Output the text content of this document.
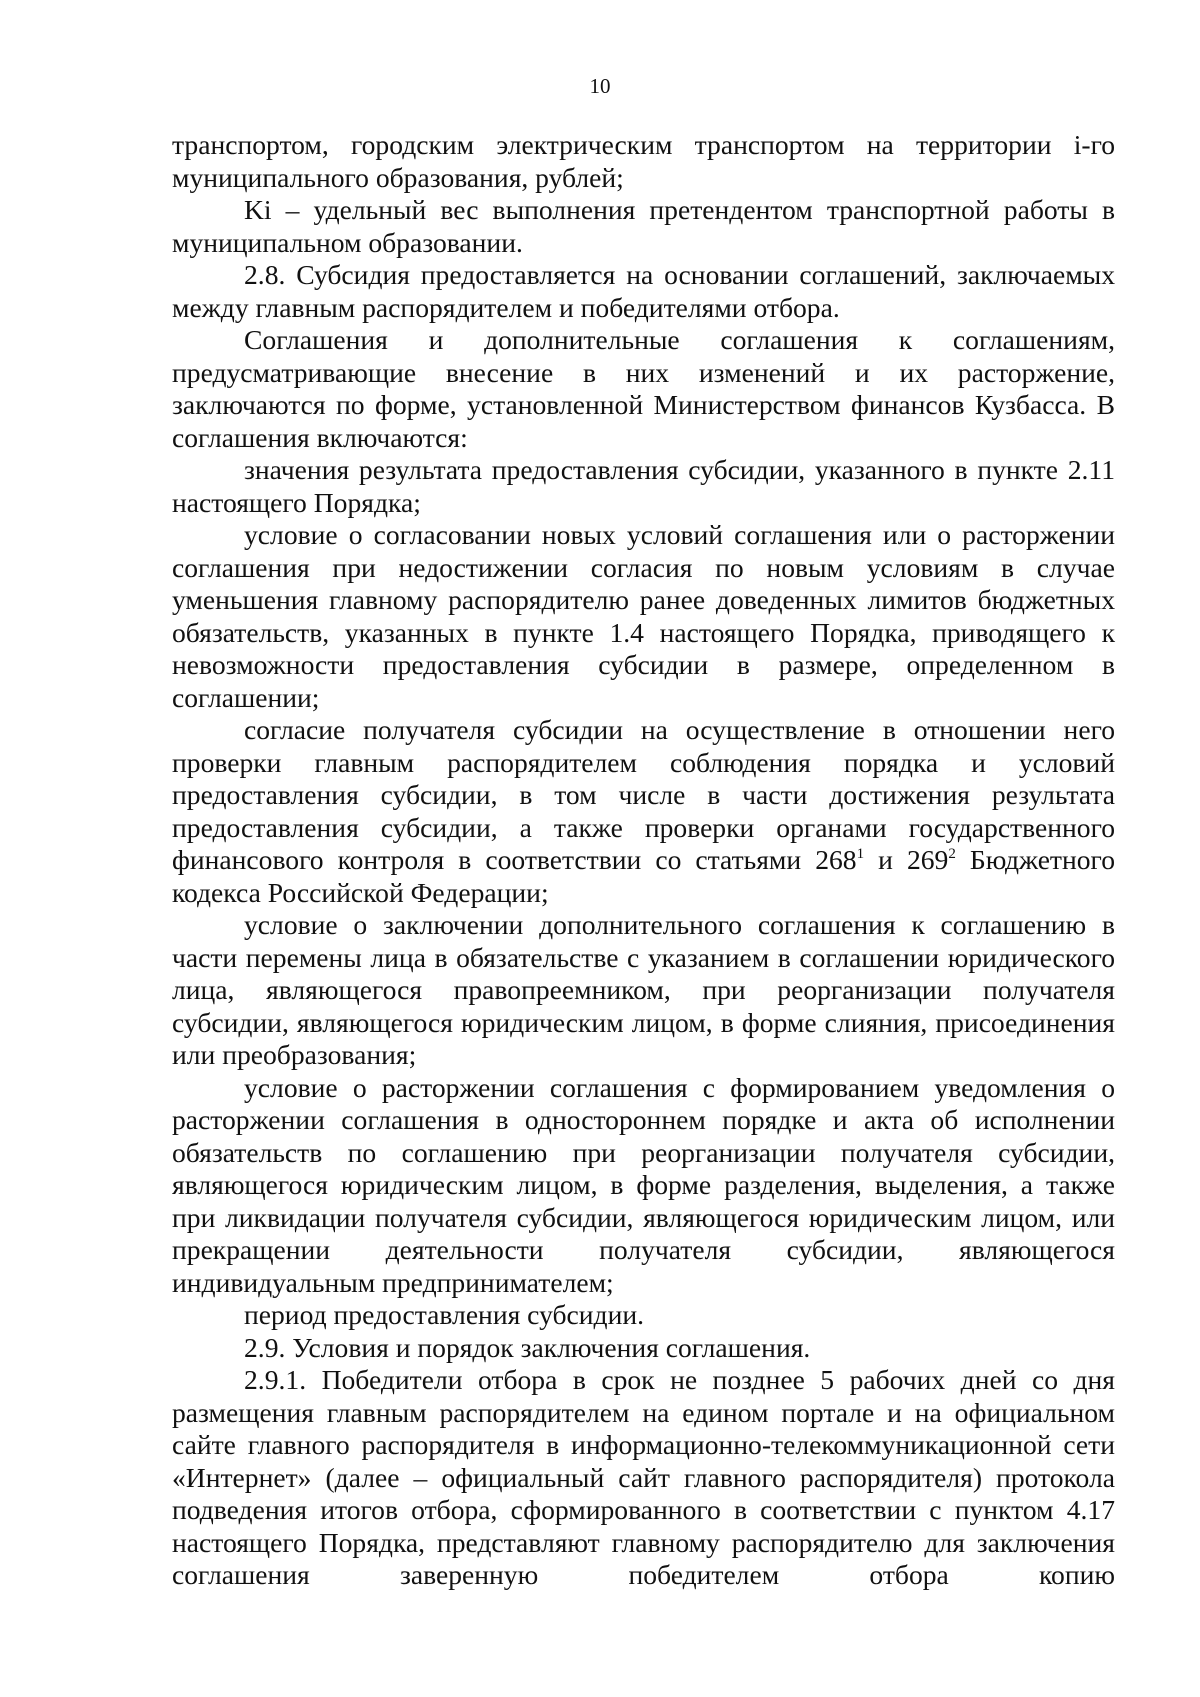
10

транспортом, городским электрическим транспортом на территории i-го муниципального образования, рублей;

Ki – удельный вес выполнения претендентом транспортной работы в муниципальном образовании.

2.8. Субсидия предоставляется на основании соглашений, заключаемых между главным распорядителем и победителями отбора.

Соглашения и дополнительные соглашения к соглашениям, предусматривающие внесение в них изменений и их расторжение, заключаются по форме, установленной Министерством финансов Кузбасса. В соглашения включаются:

значения результата предоставления субсидии, указанного в пункте 2.11 настоящего Порядка;

условие о согласовании новых условий соглашения или о расторжении соглашения при недостижении согласия по новым условиям в случае уменьшения главному распорядителю ранее доведенных лимитов бюджетных обязательств, указанных в пункте 1.4 настоящего Порядка, приводящего к невозможности предоставления субсидии в размере, определенном в соглашении;

согласие получателя субсидии на осуществление в отношении него проверки главным распорядителем соблюдения порядка и условий предоставления субсидии, в том числе в части достижения результата предоставления субсидии, а также проверки органами государственного финансового контроля в соответствии со статьями $268^1$ и $269^2$ Бюджетного кодекса Российской Федерации;

условие о заключении дополнительного соглашения к соглашению в части перемены лица в обязательстве с указанием в соглашении юридического лица, являющегося правопреемником, при реорганизации получателя субсидии, являющегося юридическим лицом, в форме слияния, присоединения или преобразования;

условие о расторжении соглашения с формированием уведомления о расторжении соглашения в одностороннем порядке и акта об исполнении обязательств по соглашению при реорганизации получателя субсидии, являющегося юридическим лицом, в форме разделения, выделения, а также при ликвидации получателя субсидии, являющегося юридическим лицом, или прекращении деятельности получателя субсидии, являющегося индивидуальным предпринимателем;

период предоставления субсидии.

2.9. Условия и порядок заключения соглашения.

2.9.1. Победители отбора в срок не позднее 5 рабочих дней со дня размещения главным распорядителем на едином портале и на официальном сайте главного распорядителя в информационно-телекоммуникационной сети «Интернет» (далее – официальный сайт главного распорядителя) протокола подведения итогов отбора, сформированного в соответствии с пунктом 4.17 настоящего Порядка, представляют главному распорядителю для заключения соглашения заверенную победителем отбора копию
